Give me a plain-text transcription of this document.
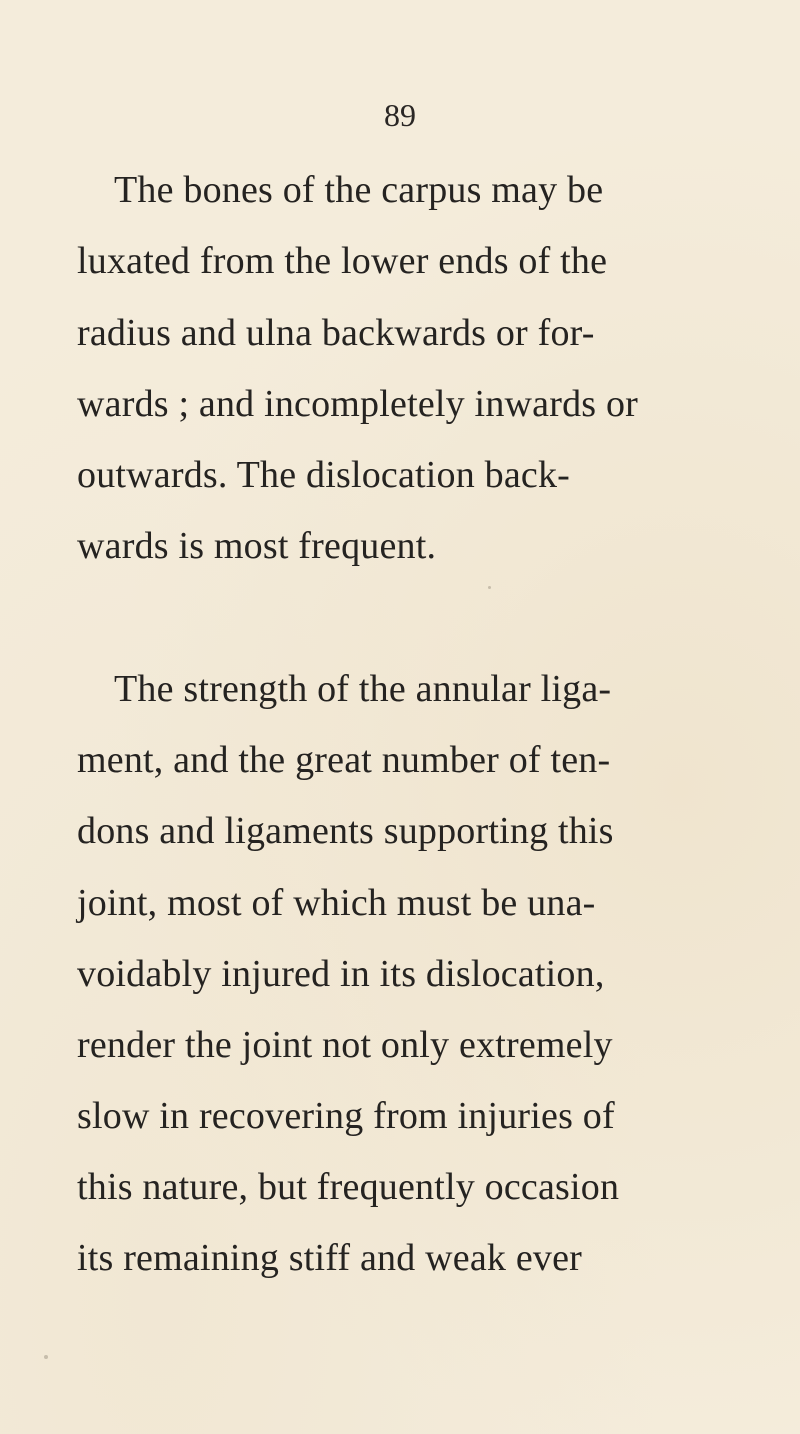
89
The bones of the carpus may be
luxated from the lower ends of the
radius and ulna backwards or for-
wards ; and incompletely inwards or
outwards. The dislocation back-
wards is most frequent.
The strength of the annular liga-
ment, and the great number of ten-
dons and ligaments supporting this
joint, most of which must be una-
voidably injured in its dislocation,
render the joint not only extremely
slow in recovering from injuries of
this nature, but frequently occasion
its remaining stiff and weak ever
